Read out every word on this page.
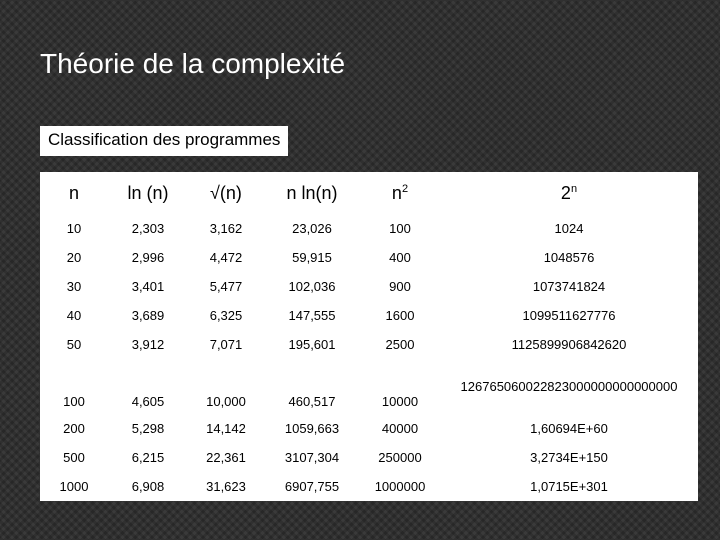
Théorie de la complexité
Classification des programmes
n	ln (n)	√(n)	n ln(n)	$n^2$	2$^n$
10	2,303	3,162	23,026	100	1024
20	2,996	4,472	59,915	400	1048576
30	3,401	5,477	102,036	900	1073741824
40	3,689	6,325	147,555	1600	1099511627776
50	3,912	7,071	195,601	2500	1125899906842620
100	4,605	10,000	460,517	10000	126765060022823000000000000000
200	5,298	14,142	1059,663	40000	1,60694E+60
500	6,215	22,361	3107,304	250000	3,2734E+150
1000	6,908	31,623	6907,755	1000000	1,0715E+301
